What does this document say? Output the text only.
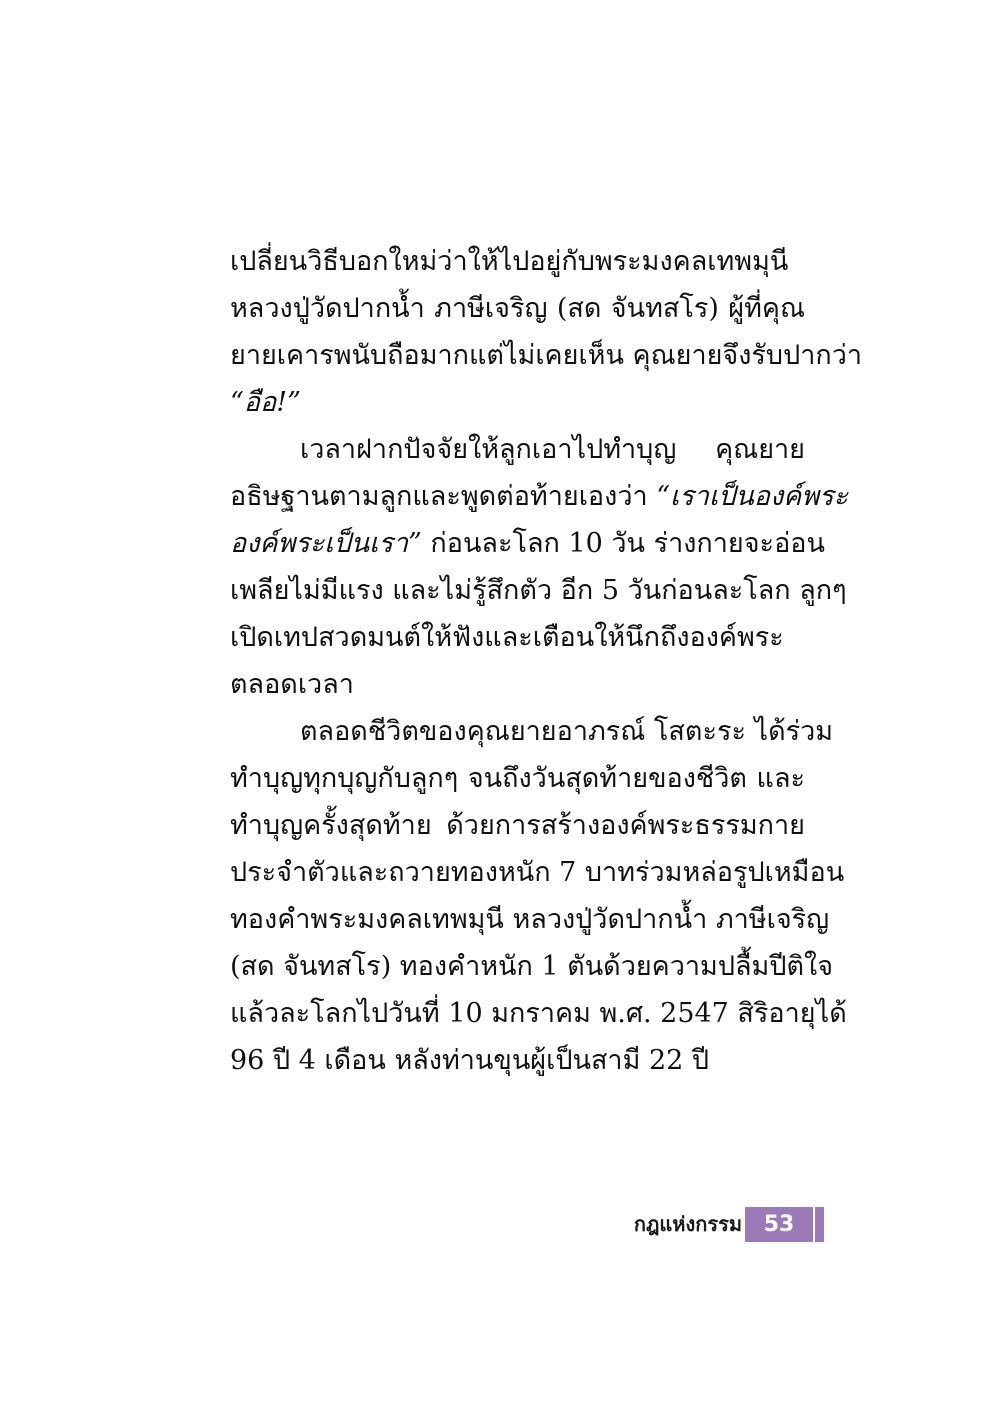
เปลี่ยนวิธีบอกใหม่ว่าให้ไปอยู่กับพระมงคลเทพมุนี
หลวงปู่วัดปากน้ำ ภาษีเจริญ (สด จันทสโร) ผู้ที่คุณ
ยายเคารพนับถือมากแต่ไม่เคยเห็น คุณยายจึงรับปากว่า
“อือ!”
เวลาฝากปัจจัยให้ลูกเอาไปทำบุญ คุณยาย
อธิษฐานตามลูกและพูดต่อท้ายเองว่า “เราเป็นองค์พระ
องค์พระเป็นเรา” ก่อนละโลก 10 วัน ร่างกายจะอ่อน
เพลียไม่มีแรง และไม่รู้สึกตัว อีก 5 วันก่อนละโลก ลูกๆ
เปิดเทปสวดมนต์ให้ฟังและเตือนให้นึกถึงองค์พระ
ตลอดเวลา
ตลอดชีวิตของคุณยายอาภรณ์ โสตะระ ได้ร่วม
ทำบุญทุกบุญกับลูกๆ จนถึงวันสุดท้ายของชีวิต และ
ทำบุญครั้งสุดท้าย ด้วยการสร้างองค์พระธรรมกาย
ประจำตัวและถวายทองหนัก 7 บาทร่วมหล่อรูปเหมือน
ทองคำพระมงคลเทพมุนี หลวงปู่วัดปากน้ำ ภาษีเจริญ
(สด จันทสโร) ทองคำหนัก 1 ตันด้วยความปลื้มปีติใจ
แล้วละโลกไปวันที่ 10 มกราคม พ.ศ. 2547 สิริอายุได้
96 ปี 4 เดือน หลังท่านขุนผู้เป็นสามี 22 ปี
กฎแห่งกรรม 53
